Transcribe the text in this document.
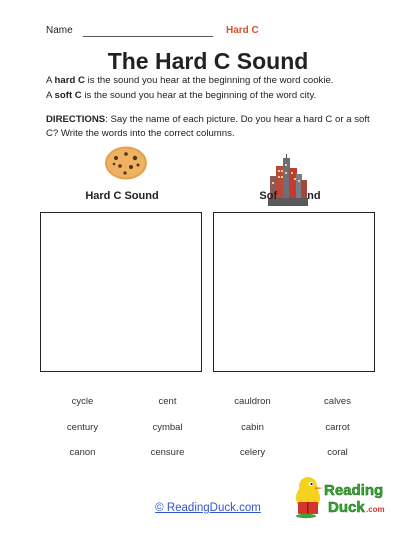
Name	Hard C
The Hard C Sound
A hard C is the sound you hear at the beginning of the word cookie.
A soft C is the sound you hear at the beginning of the word city.
DIRECTIONS: Say the name of each picture. Do you hear a hard C or a soft C? Write the words into the correct columns.
Hard C Sound	Sof	nd
cycle	cent	cauldron	calves
century	cymbal	cabin	carrot
canon	censure	celery	coral
© ReadingDuck.com
Reading
Duck .com
